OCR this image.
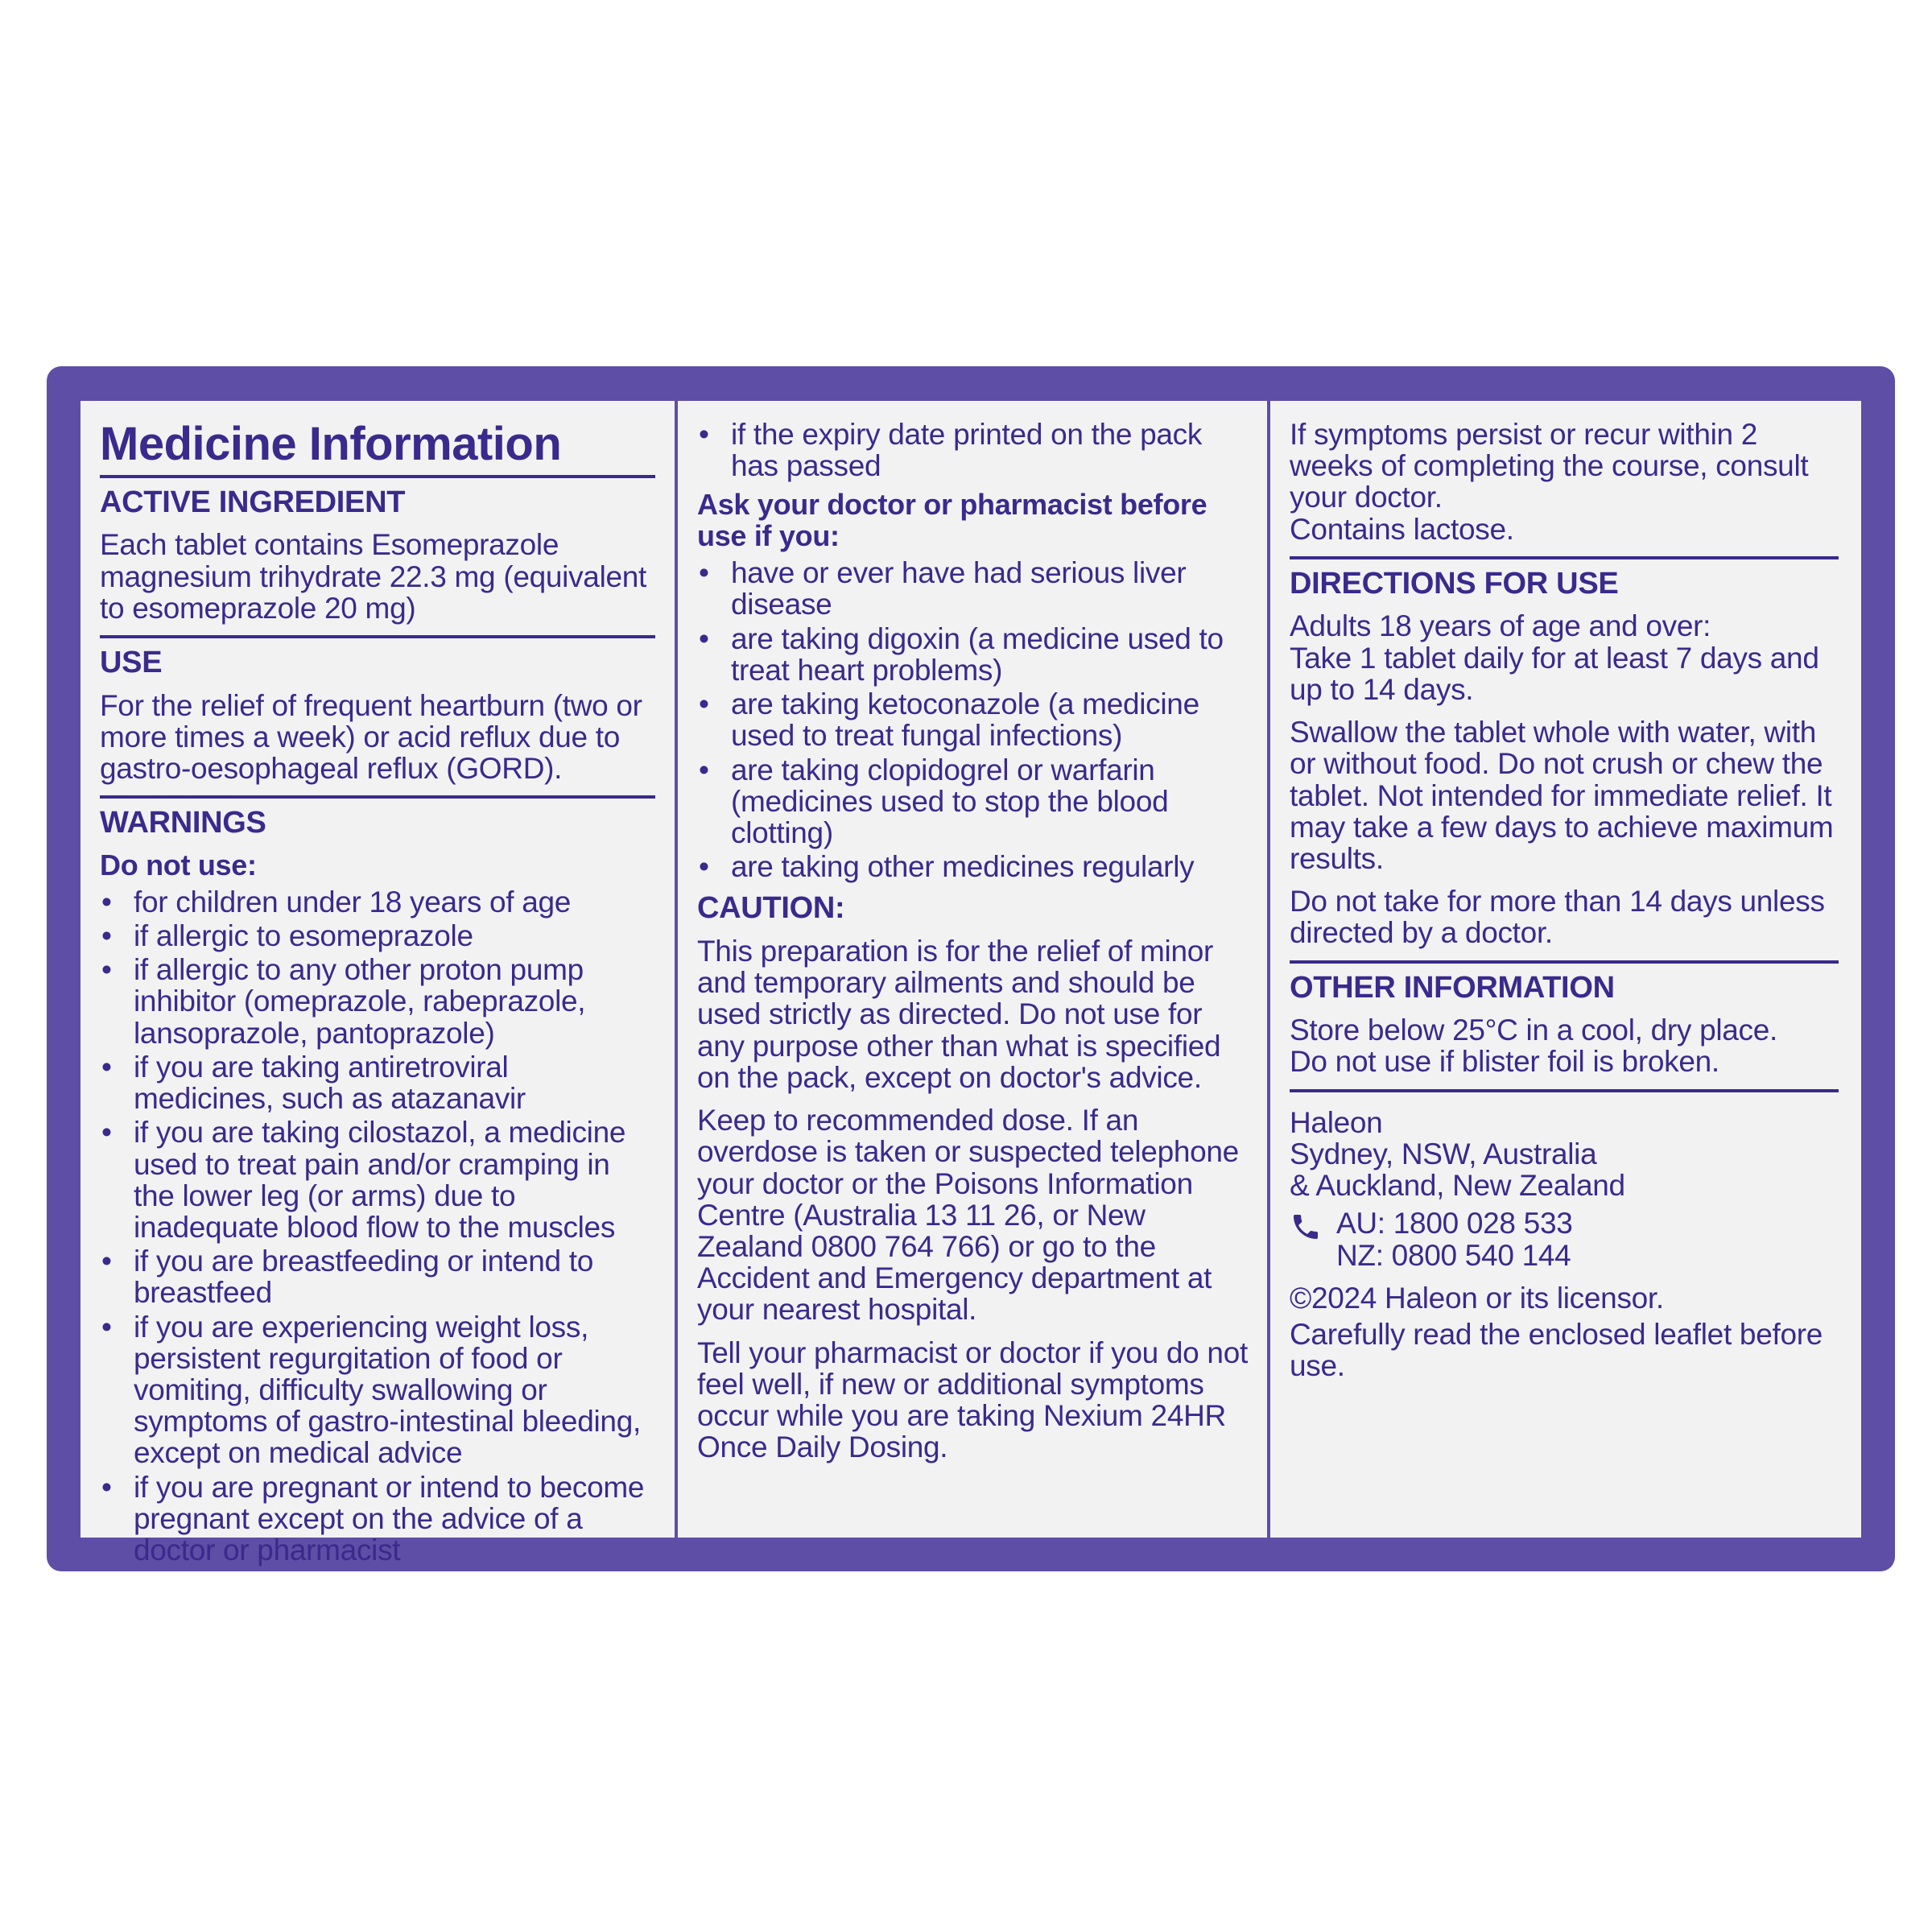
Medicine Information
ACTIVE INGREDIENT
Each tablet contains Esomeprazole magnesium trihydrate 22.3 mg (equivalent to esomeprazole 20 mg)
USE
For the relief of frequent heartburn (two or more times a week) or acid reflux due to gastro-oesophageal reflux (GORD).
WARNINGS
Do not use:
• for children under 18 years of age
• if allergic to esomeprazole
• if allergic to any other proton pump inhibitor (omeprazole, rabeprazole, lansoprazole, pantoprazole)
• if you are taking antiretroviral medicines, such as atazanavir
• if you are taking cilostazol, a medicine used to treat pain and/or cramping in the lower leg (or arms) due to inadequate blood flow to the muscles
• if you are breastfeeding or intend to breastfeed
• if you are experiencing weight loss, persistent regurgitation of food or vomiting, difficulty swallowing or symptoms of gastro-intestinal bleeding, except on medical advice
• if you are pregnant or intend to become pregnant except on the advice of a doctor or pharmacist
• if the expiry date printed on the pack has passed
Ask your doctor or pharmacist before use if you:
• have or ever have had serious liver disease
• are taking digoxin (a medicine used to treat heart problems)
• are taking ketoconazole (a medicine used to treat fungal infections)
• are taking clopidogrel or warfarin (medicines used to stop the blood clotting)
• are taking other medicines regularly
CAUTION:
This preparation is for the relief of minor and temporary ailments and should be used strictly as directed. Do not use for any purpose other than what is specified on the pack, except on doctor's advice.
Keep to recommended dose. If an overdose is taken or suspected telephone your doctor or the Poisons Information Centre (Australia 13 11 26, or New Zealand 0800 764 766) or go to the Accident and Emergency department at your nearest hospital.
Tell your pharmacist or doctor if you do not feel well, if new or additional symptoms occur while you are taking Nexium 24HR Once Daily Dosing.
If symptoms persist or recur within 2 weeks of completing the course, consult your doctor.
Contains lactose.
DIRECTIONS FOR USE
Adults 18 years of age and over:
Take 1 tablet daily for at least 7 days and up to 14 days.
Swallow the tablet whole with water, with or without food. Do not crush or chew the tablet. Not intended for immediate relief. It may take a few days to achieve maximum results.
Do not take for more than 14 days unless directed by a doctor.
OTHER INFORMATION
Store below 25°C in a cool, dry place.
Do not use if blister foil is broken.
Haleon
Sydney, NSW, Australia
& Auckland, New Zealand
AU: 1800 028 533
NZ: 0800 540 144
©2024 Haleon or its licensor.
Carefully read the enclosed leaflet before use.
